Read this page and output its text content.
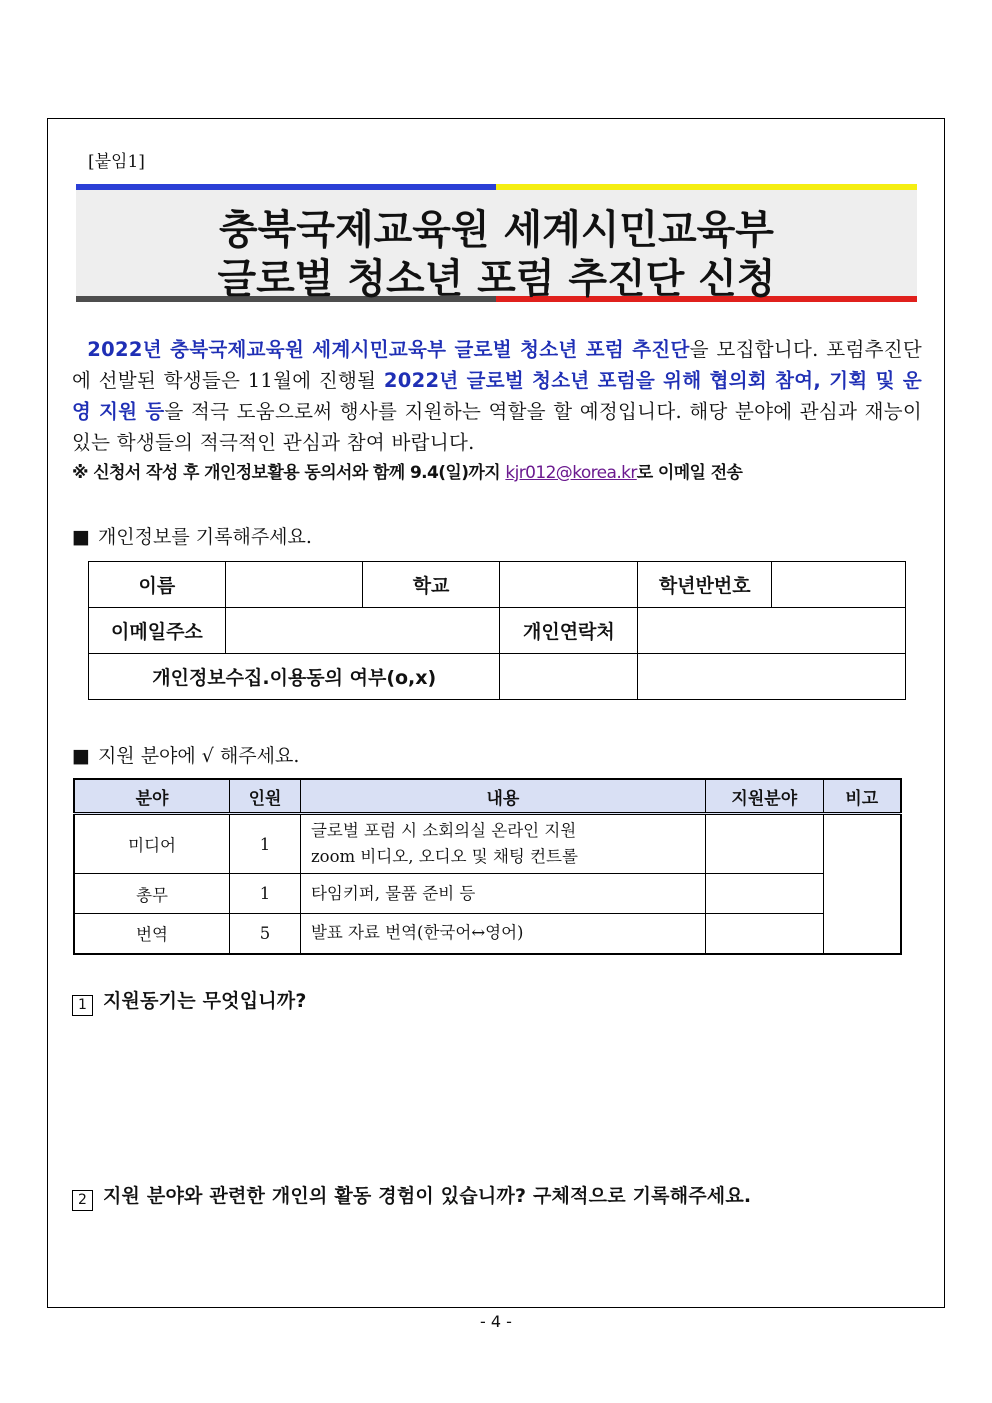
[붙임1]
충북국제교육원 세계시민교육부
글로벌 청소년 포럼 추진단 신청
2022년 충북국제교육원 세계시민교육부 글로벌 청소년 포럼 추진단을 모집합니다. 포럼추진단에 선발된 학생들은 11월에 진행될 2022년 글로벌 청소년 포럼을 위해 협의회 참여, 기획 및 운영 지원 등을 적극 도움으로써 행사를 지원하는 역할을 할 예정입니다. 해당 분야에 관심과 재능이 있는 학생들의 적극적인 관심과 참여 바랍니다.
※ 신청서 작성 후 개인정보활용 동의서와 함께 9.4(일)까지 kjr012@korea.kr로 이메일 전송
■ 개인정보를 기록해주세요.
이름		학교		학년반번호	
이메일주소			개인연락처		
개인정보수집.이용동의 여부(o,x)					
■ 지원 분야에 √ 해주세요.
분야	인원	내용	지원분야	비고
미디어	1	글로벌 포럼 시 소회의실 온라인 지원
zoom 비디오, 오디오 및 채팅 컨트롤		
총무	1	타임키퍼, 물품 준비 등		
번역	5	발표 자료 번역(한국어↔영어)		
1 지원동기는 무엇입니까?
2 지원 분야와 관련한 개인의 활동 경험이 있습니까? 구체적으로 기록해주세요.
- 4 -
